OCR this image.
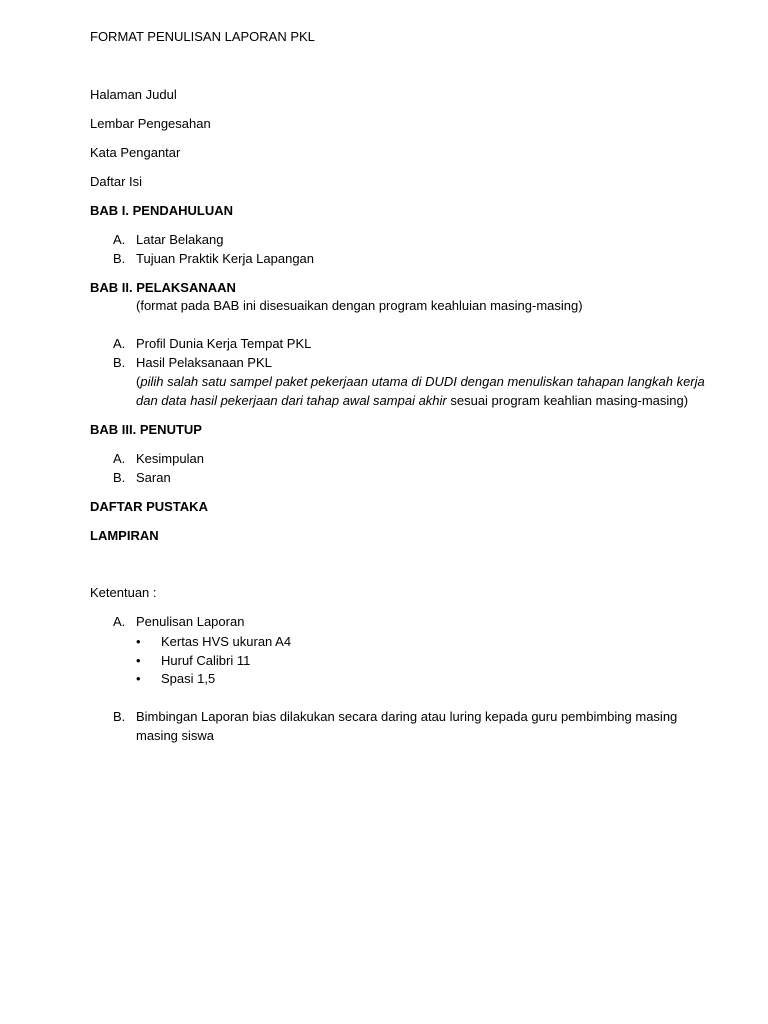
FORMAT PENULISAN LAPORAN PKL
Halaman Judul
Lembar Pengesahan
Kata Pengantar
Daftar Isi
BAB I. PENDAHULUAN
A. Latar Belakang
B. Tujuan Praktik Kerja Lapangan
BAB II. PELAKSANAAN
(format pada BAB ini disesuaikan dengan program keahluian masing-masing)
A. Profil Dunia Kerja Tempat PKL
B. Hasil Pelaksanaan PKL
(pilih salah satu sampel paket pekerjaan utama di DUDI dengan menuliskan tahapan langkah kerja
dan data hasil pekerjaan dari tahap awal sampai akhir sesuai program keahlian masing-masing)
BAB III. PENUTUP
A. Kesimpulan
B. Saran
DAFTAR PUSTAKA
LAMPIRAN
Ketentuan :
A. Penulisan Laporan
• Kertas HVS ukuran A4
• Huruf Calibri 11
• Spasi 1,5
B. Bimbingan Laporan bias dilakukan secara daring atau luring kepada guru pembimbing masing
masing siswa
